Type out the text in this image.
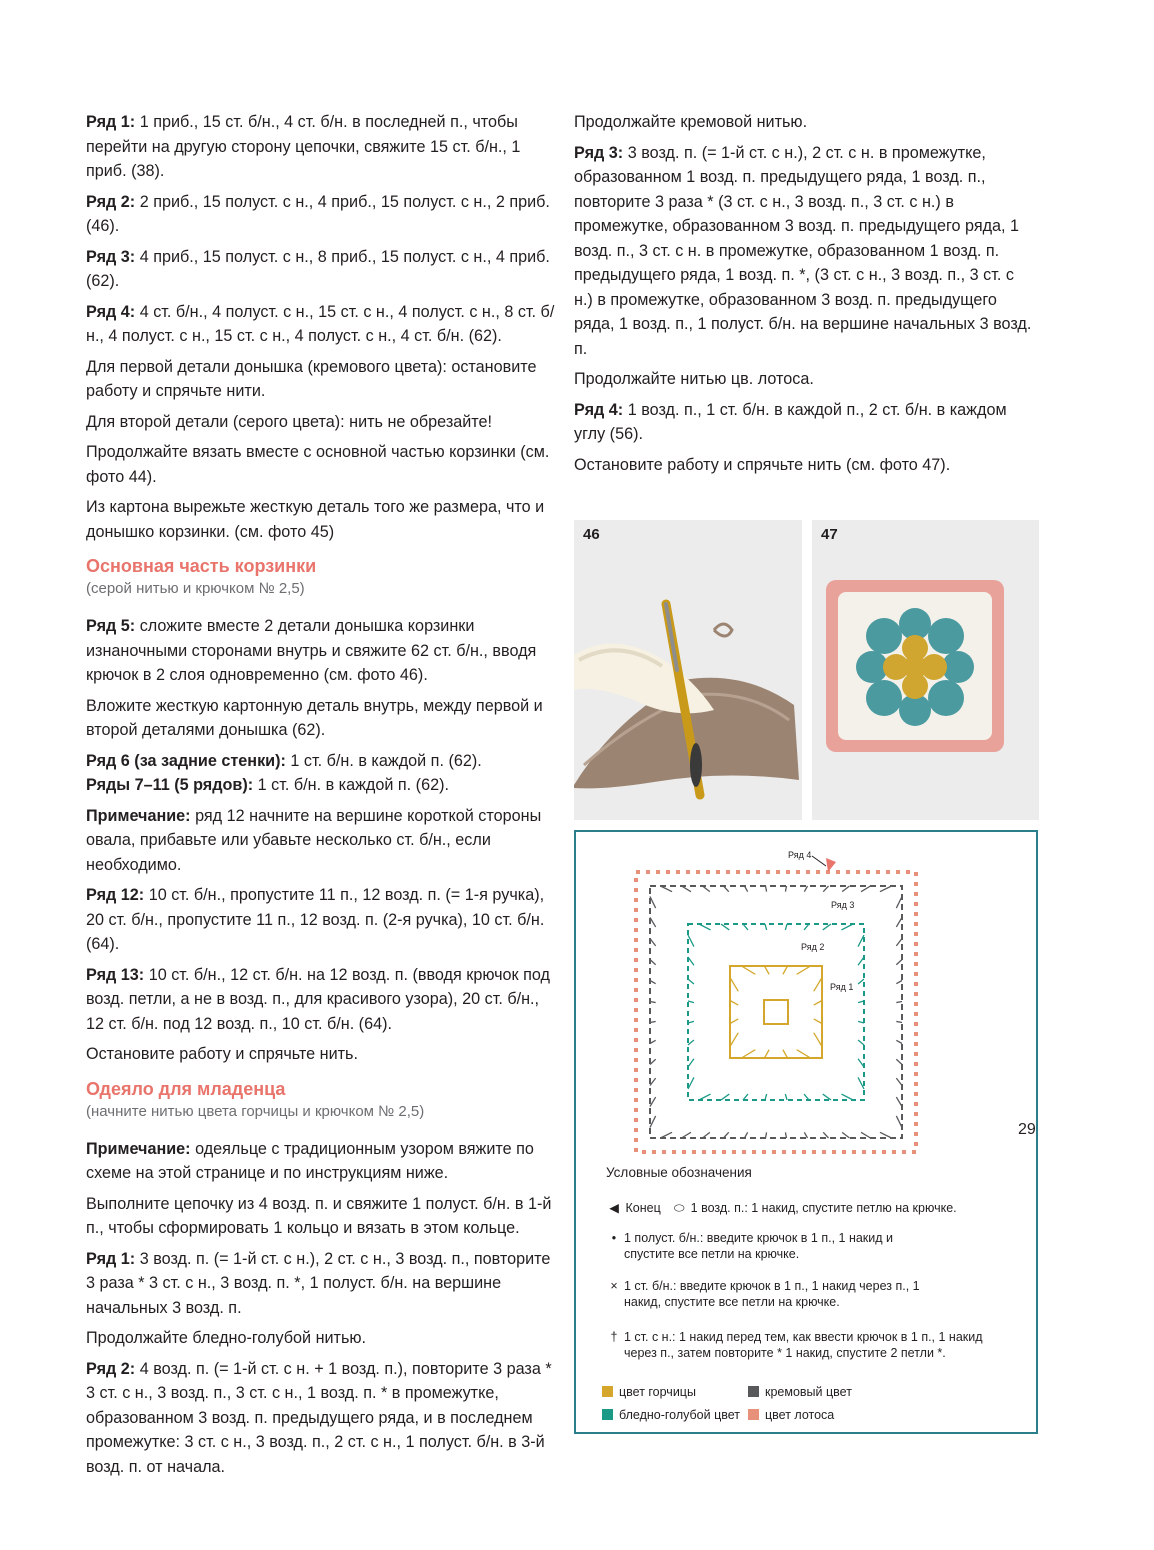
Ряд 1: 1 приб., 15 ст. б/н., 4 ст. б/н. в последней п., чтобы перейти на другую сторону цепочки, свяжите 15 ст. б/н., 1 приб. (38).

Ряд 2: 2 приб., 15 полуст. с н., 4 приб., 15 полуст. с н., 2 приб. (46).

Ряд 3: 4 приб., 15 полуст. с н., 8 приб., 15 полуст. с н., 4 приб. (62).

Ряд 4: 4 ст. б/н., 4 полуст. с н., 15 ст. с н., 4 полуст. с н., 8 ст. б/н., 4 полуст. с н., 15 ст. с н., 4 полуст. с н., 4 ст. б/н. (62).

Для первой детали донышка (кремового цвета): остановите работу и спрячьте нити.

Для второй детали (серого цвета): нить не обрезайте!

Продолжайте вязать вместе с основной частью корзинки (см. фото 44).

Из картона вырежьте жесткую деталь того же размера, что и донышко корзинки. (см. фото 45)

Основная часть корзинки
(серой нитью и крючком № 2,5)

Ряд 5: сложите вместе 2 детали донышка корзинки изнаночными сторонами внутрь и свяжите 62 ст. б/н., вводя крючок в 2 слоя одновременно (см. фото 46).

Вложите жесткую картонную деталь внутрь, между первой и второй деталями донышка (62).

Ряд 6 (за задние стенки): 1 ст. б/н. в каждой п. (62).

Ряды 7–11 (5 рядов): 1 ст. б/н. в каждой п. (62).

Примечание: ряд 12 начните на вершине короткой стороны овала, прибавьте или убавьте несколько ст. б/н., если необходимо.

Ряд 12: 10 ст. б/н., пропустите 11 п., 12 возд. п. (= 1-я ручка), 20 ст. б/н., пропустите 11 п., 12 возд. п. (2-я ручка), 10 ст. б/н. (64).

Ряд 13: 10 ст. б/н., 12 ст. б/н. на 12 возд. п. (вводя крючок под возд. петли, а не в возд. п., для красивого узора), 20 ст. б/н., 12 ст. б/н. под 12 возд. п., 10 ст. б/н. (64).

Остановите работу и спрячьте нить.

Одеяло для младенца
(начните нитью цвета горчицы и крючком № 2,5)

Примечание: одеяльце с традиционным узором вяжите по схеме на этой странице и по инструкциям ниже.

Выполните цепочку из 4 возд. п. и свяжите 1 полуст. б/н. в 1-й п., чтобы сформировать 1 кольцо и вязать в этом кольце.

Ряд 1: 3 возд. п. (= 1-й ст. с н.), 2 ст. с н., 3 возд. п., повторите 3 раза * 3 ст. с н., 3 возд. п. *, 1 полуст. б/н. на вершине начальных 3 возд. п.

Продолжайте бледно-голубой нитью.

Ряд 2: 4 возд. п. (= 1-й ст. с н. + 1 возд. п.), повторите 3 раза * 3 ст. с н., 3 возд. п., 3 ст. с н., 1 возд. п. * в промежутке, образованном 3 возд. п. предыдущего ряда, и в последнем промежутке: 3 ст. с н., 3 возд. п., 2 ст. с н., 1 полуст. б/н. в 3-й возд. п. от начала.

Продолжайте кремовой нитью.

Ряд 3: 3 возд. п. (= 1-й ст. с н.), 2 ст. с н. в промежутке, образованном 1 возд. п. предыдущего ряда, 1 возд. п., повторите 3 раза * (3 ст. с н., 3 возд. п., 3 ст. с н.) в промежутке, образованном 3 возд. п. предыдущего ряда, 1 возд. п., 3 ст. с н. в промежутке, образованном 1 возд. п. предыдущего ряда, 1 возд. п. *, (3 ст. с н., 3 возд. п., 3 ст. с н.) в промежутке, образованном 3 возд. п. предыдущего ряда, 1 возд. п., 1 полуст. б/н. на вершине начальных 3 возд. п.

Продолжайте нитью цв. лотоса.

Ряд 4: 1 возд. п., 1 ст. б/н. в каждой п., 2 ст. б/н. в каждом углу (56).

Остановите работу и спрячьте нить (см. фото 47).

46	47
Ряд 4
Ряд 3
Ряд 2
Ряд 1
Условные обозначения
◀ Конец ⬭ 1 возд. п.: 1 накид, спустите петлю на крючке.
• 1 полуст. б/н.: введите крючок в 1 п., 1 накид и спустите все петли на крючке.
× 1 ст. б/н.: введите крючок в 1 п., 1 накид через п., 1 накид, спустите все петли на крючке.
† 1 ст. с н.: 1 накид перед тем, как ввести крючок в 1 п., 1 накид через п., затем повторите * 1 накид, спустите 2 петли *.
цвет горчицы	кремовый цвет
бледно-голубой цвет	цвет лотоса
29
